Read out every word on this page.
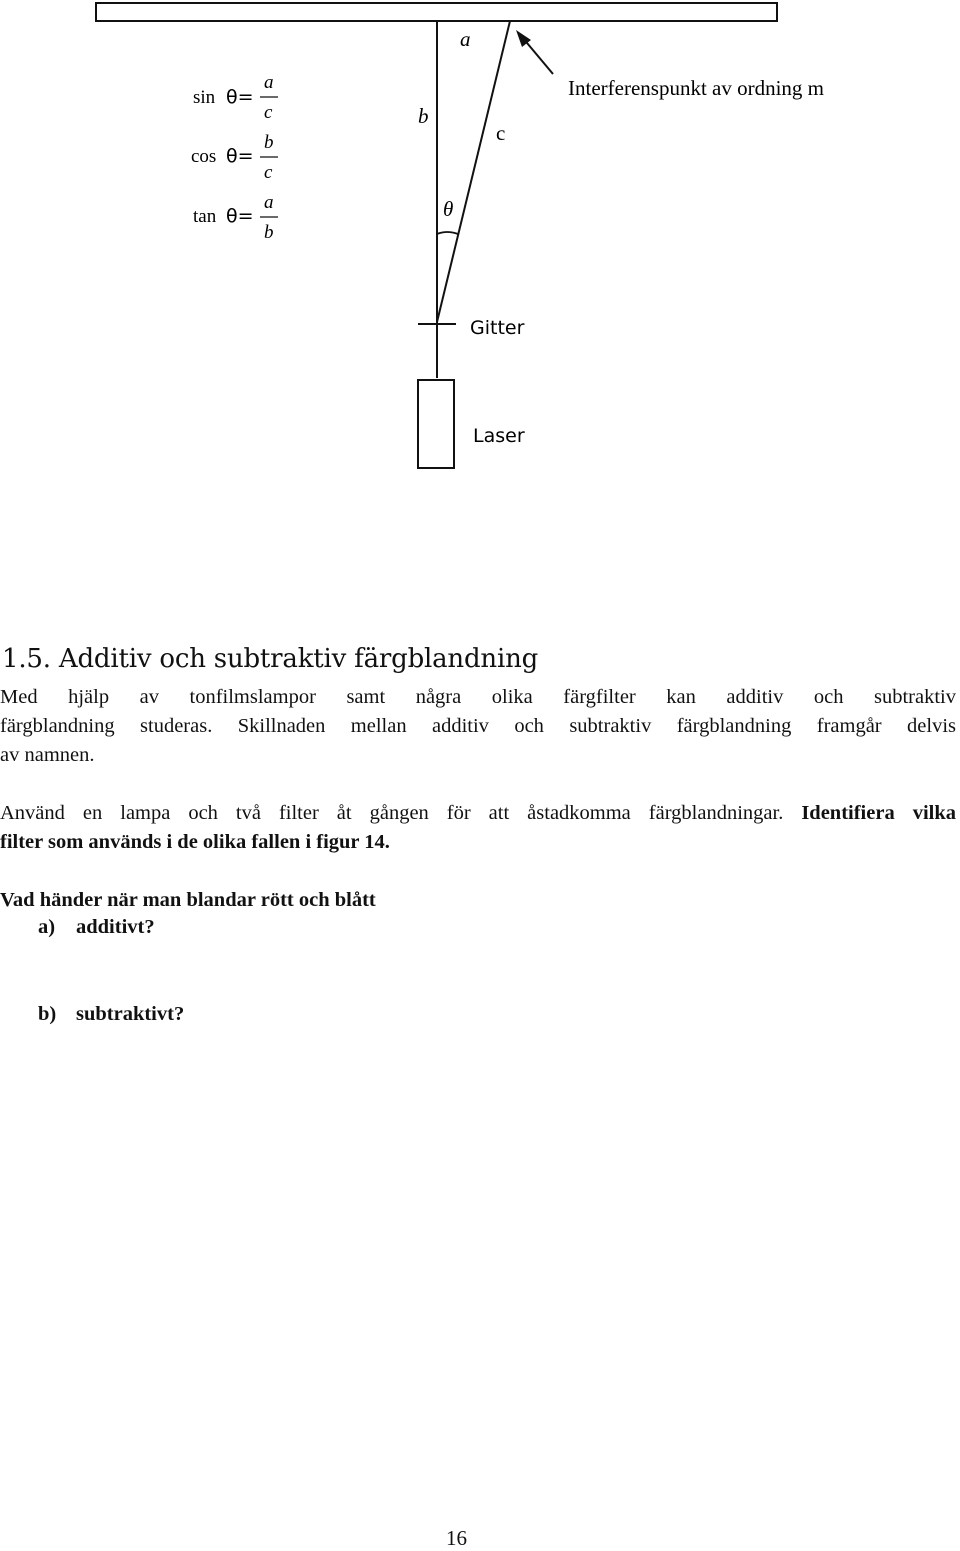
sin θ=
a
c
cos θ=
b
c
tan θ=
a
b
a
b
c
θ
Interferenspunkt av ordning m
Gitter
Laser
1.5. Additiv och subtraktiv färgblandning

Med hjälp av tonfilmslampor samt några olika färgfilter kan additiv och subtraktiv
färgblandning studeras. Skillnaden mellan additiv och subtraktiv färgblandning framgår delvis
av namnen.

Använd en lampa och två filter åt gången för att åstadkomma färgblandningar. Identifiera vilka
filter som används i de olika fallen i figur 14.

Vad händer när man blandar rött och blått

a) additivt?
b) subtraktivt?
16
